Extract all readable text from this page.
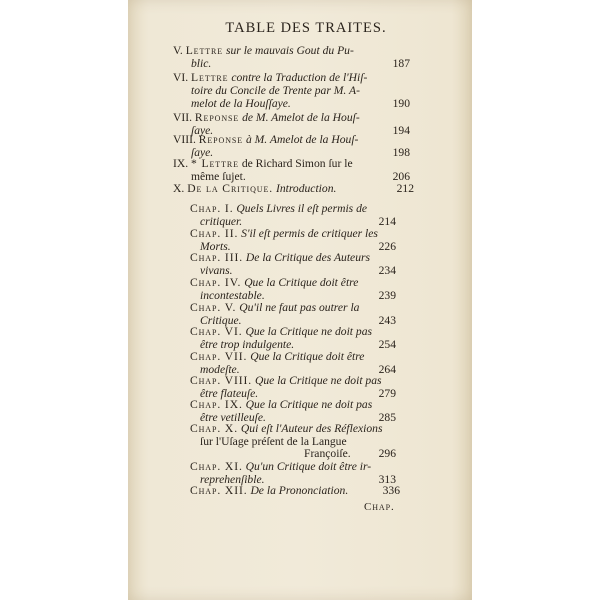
TABLE DES TRAITES.
V. Lettre sur le mauvais Gout du Pu-
blic.	187
VI. Lettre contre la Traduction de l'Hiſ-
toire du Concile de Trente par M. A-
melot de la Houſſaye.	190
VII. Reponse de M. Amelot de la Houſ-
ſaye.	194
VIII. Reponse à M. Amelot de la Houſ-
ſaye.	198
IX. * Lettre de Richard Simon ſur le
même ſujet.	206
X. De la Critique. Introduction.	212
Chap. I. Quels Livres il eſt permis de
critiquer.	214
Chap. II. S'il eſt permis de critiquer les
Morts.	226
Chap. III. De la Critique des Auteurs
vivans.	234
Chap. IV. Que la Critique doit être
incontestable.	239
Chap. V. Qu'il ne faut pas outrer la
Critique.	243
Chap. VI. Que la Critique ne doit pas
être trop indulgente.	254
Chap. VII. Que la Critique doit être
modeſte.	264
Chap. VIII. Que la Critique ne doit pas
être flateuſe.	279
Chap. IX. Que la Critique ne doit pas
être vetilleuſe.	285
Chap. X. Qui eſt l'Auteur des Réflexions
ſur l'Uſage préſent de la Langue
Françoiſe.	296
Chap. XI. Qu'un Critique doit être ir-
reprehenſible.	313
Chap. XII. De la Prononciation.	336
Chap.
